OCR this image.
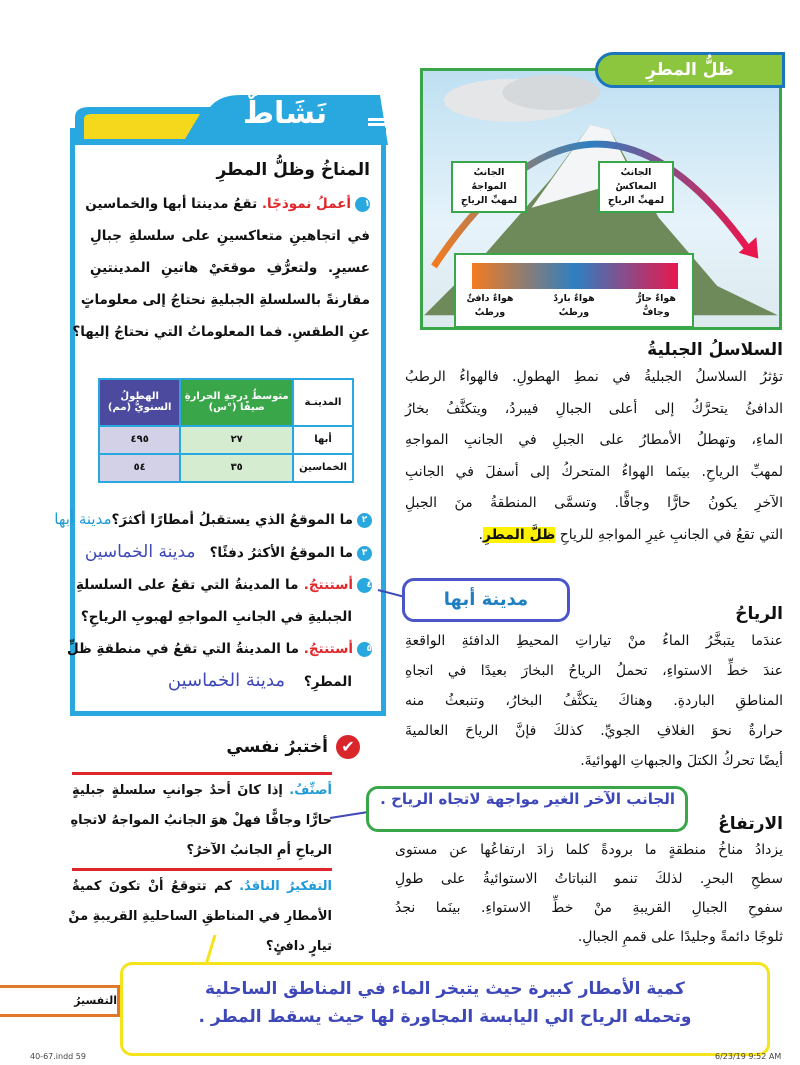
الجانبُ المواجهُ
لمهبِّ الرياحِ
الجانبُ المعاكسُ
لمهبِّ الرياحِ
ظلُّ المطرِ
هواءٌ حارٌّ
وجافٌّ
هواءٌ باردٌ
ورطبٌ
هواءٌ دافئٌ
ورطبٌ
السلاسلُ الجبليةُ
تؤثرُ السلاسلُ الجبليةُ في نمطِ الهطولِ. فالهواءُ الرطبُ
الدافئُ يتحرَّكُ إلى أعلى الجبالِ فيبردُ، ويتكثَّفُ بخارُ
الماءِ، وتهطلُ الأمطارُ على الجبلِ في الجانبِ المواجهِ
لمهبِّ الرياحِ. بينَما الهواءُ المتحركُ إلى أسفلَ في الجانبِ
الآخرِ يكونُ حارًّا وجافًّا. وتسمَّى المنطقةُ منَ الجبلِ
التي تقعُ في الجانبِ غيرِ المواجهِ للرياحِ ظلَّ المطرِ.
الرياحُ
عندَما يتبخَّرُ الماءُ منْ تياراتِ المحيطِ الدافئةِ الواقعةِ
عندَ خطِّ الاستواءِ، تحملُ الرياحُ البخارَ بعيدًا في اتجاهِ
المناطقِ الباردةِ. وهناكَ يتكثَّفُ البخارُ، وتنبعثُ منه
حرارةٌ نحوَ الغلافِ الجويِّ. كذلكَ فإنَّ الرياحَ العالميةَ
أيضًا تحركُ الكتلَ والجبهاتِ الهوائيةَ.
الارتفاعُ
يزدادُ مناخُ منطقةٍ ما برودةً كلما زادَ ارتفاعُها عن مستوى
سطحِ البحرِ. لذلكَ تنمو النباتاتُ الاستوائيةُ على طولِ
سفوحِ الجبالِ القريبةِ منْ خطِّ الاستواءِ. بينَما نجدُ
ثلوجًا دائمةً وجليدًا على قممِ الجبالِ.
نَشَاطٌ
المناخُ وظلُّ المطرِ
١أعملُ نموذجًا. تقعُ مدينتا أبها والخماسين
في اتجاهينِ متعاكسينِ على سلسلةِ جبالِ
عسيرٍ. ولتعرُّفِ موقعَيْ هاتينِ المدينتينِ
مقارنةً بالسلسلةِ الجبليةِ نحتاجُ إلى معلوماتٍ
عنِ الطقسِ. فما المعلوماتُ التي نحتاجُ إليها؟
المدينـة	متوسطُ درجةِ الحرارةِ صيفًا (°س)	الهطولُ السنويُّ (مم)
أبها	٢٧	٤٩٥
الخماسين	٣٥	٥٤
٢ما الموقعُ الذي يستقبلُ أمطارًا أكثرَ؟مدينة أبها
٣ما الموقعُ الأكثرُ دفئًا؟   مدينة الخماسين
٤أستنتجُ. ما المدينةُ التي تقعُ على السلسلةِ
الجبليةِ في الجانبِ المواجهِ لهبوبِ الرياحِ؟
٥أستنتجُ. ما المدينةُ التي تقعُ في منطقةِ ظلِّ
المطرِ؟    مدينة الخماسين
مدينة أبها
الجانب الآخر الغير مواجهة لاتجاه الرياح .
كمية الأمطار كبيرة حيث يتبخر الماء في المناطق الساحلية
وتحمله الرياح الي اليابسة المجاورة لها حيث يسقط المطر .
✔
أختبرُ نفسي
أصنِّفُ. إذا كانَ أحدُ جوانبِ سلسلةٍ جبليةٍ
حارًّا وجافًّا فهلْ هوَ الجانبُ المواجهُ لاتجاهِ
الرياحِ أمِ الجانبُ الآخرُ؟
التفكيرُ الناقدُ. كم تتوقعُ أنْ تكونَ كميةُ
الأمطارِ في المناطقِ الساحليةِ القريبةِ منْ
تيارٍ دافئٍ؟
التفسيرُ
40-67.indd 59	6/23/19 9:52 AM
